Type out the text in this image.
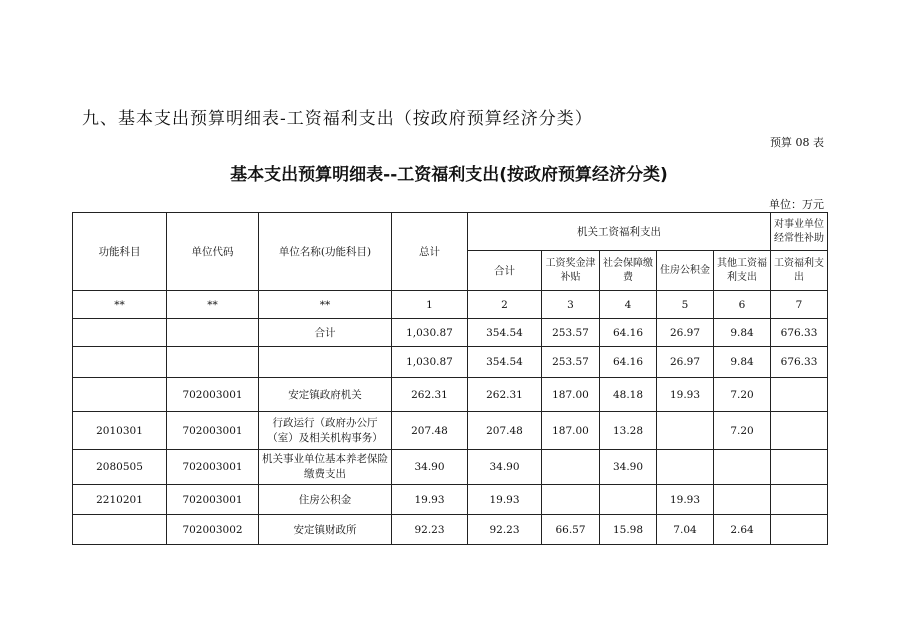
九、基本支出预算明细表-工资福利支出（按政府预算经济分类）
预算 08 表
基本支出预算明细表--工资福利支出(按政府预算经济分类)
单位：万元
功能科目	单位代码	单位名称(功能科目)	总计	机关工资福利支出					对事业单位经常性补助
				合计	工资奖金津补贴	社会保障缴费	住房公积金	其他工资福利支出	工资福利支出
**	**	**	1	2	3	4	5	6	7
		合计	1,030.87	354.54	253.57	64.16	26.97	9.84	676.33
			1,030.87	354.54	253.57	64.16	26.97	9.84	676.33
	702003001	安定镇政府机关	262.31	262.31	187.00	48.18	19.93	7.20	
2010301	702003001	行政运行（政府办公厅（室）及相关机构事务）	207.48	207.48	187.00	13.28		7.20	
2080505	702003001	机关事业单位基本养老保险缴费支出	34.90	34.90		34.90			
2210201	702003001	住房公积金	19.93	19.93			19.93		
	702003002	安定镇财政所	92.23	92.23	66.57	15.98	7.04	2.64	
